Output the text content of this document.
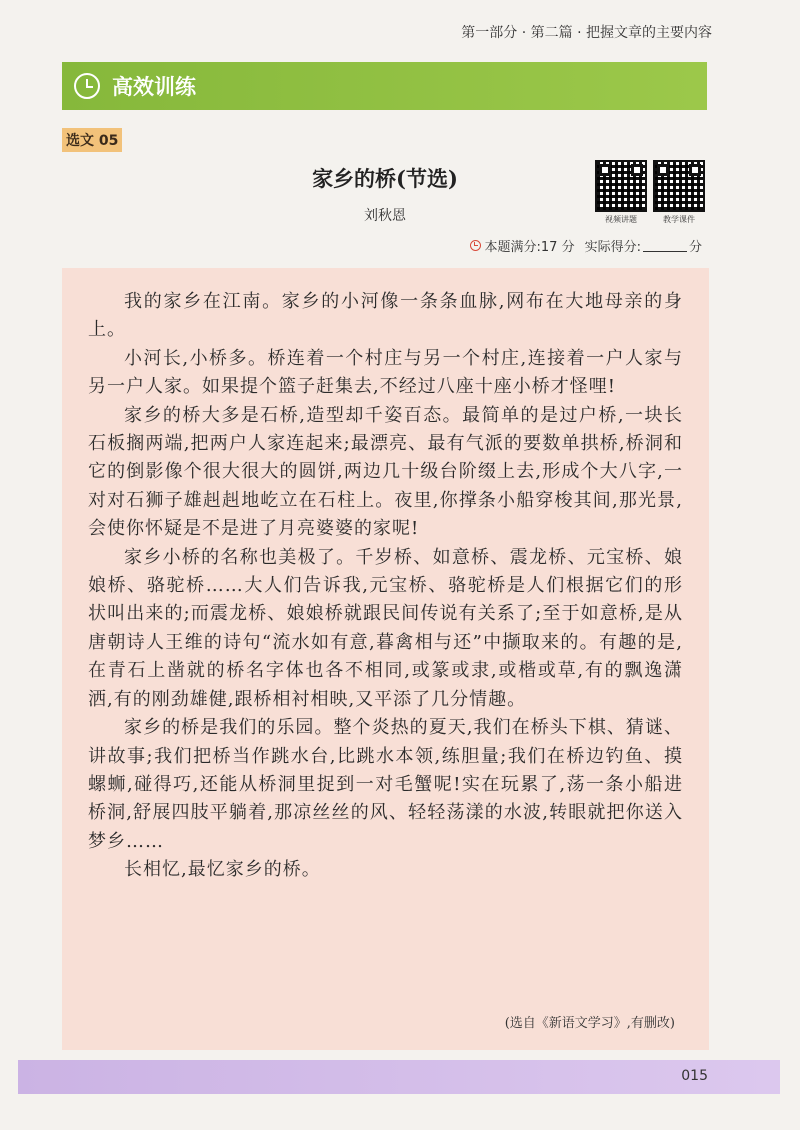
第一部分 · 第二篇 · 把握文章的主要内容
高效训练
选文 05
家乡的桥(节选)
刘秋恩	视频讲题	教学课件
本题满分:17 分 实际得分:	分

我的家乡在江南。家乡的小河像一条条血脉,网布在大地母亲的身上。

小河长,小桥多。桥连着一个村庄与另一个村庄,连接着一户人家与另一户人家。如果提个篮子赶集去,不经过八座十座小桥才怪哩!

家乡的桥大多是石桥,造型却千姿百态。最简单的是过户桥,一块长石板搁两端,把两户人家连起来;最漂亮、最有气派的要数单拱桥,桥洞和它的倒影像个很大很大的圆饼,两边几十级台阶缀上去,形成个大八字,一对对石狮子雄赳赳地屹立在石柱上。夜里,你撑条小船穿梭其间,那光景,会使你怀疑是不是进了月亮婆婆的家呢!

家乡小桥的名称也美极了。千岁桥、如意桥、震龙桥、元宝桥、娘娘桥、骆驼桥……大人们告诉我,元宝桥、骆驼桥是人们根据它们的形状叫出来的;而震龙桥、娘娘桥就跟民间传说有关系了;至于如意桥,是从唐朝诗人王维的诗句“流水如有意,暮禽相与还”中撷取来的。有趣的是,在青石上凿就的桥名字体也各不相同,或篆或隶,或楷或草,有的飘逸潇洒,有的刚劲雄健,跟桥相衬相映,又平添了几分情趣。

家乡的桥是我们的乐园。整个炎热的夏天,我们在桥头下棋、猜谜、讲故事;我们把桥当作跳水台,比跳水本领,练胆量;我们在桥边钓鱼、摸螺蛳,碰得巧,还能从桥洞里捉到一对毛蟹呢!实在玩累了,荡一条小船进桥洞,舒展四肢平躺着,那凉丝丝的风、轻轻荡漾的水波,转眼就把你送入梦乡……

长相忆,最忆家乡的桥。

(选自《新语文学习》,有删改)
015
